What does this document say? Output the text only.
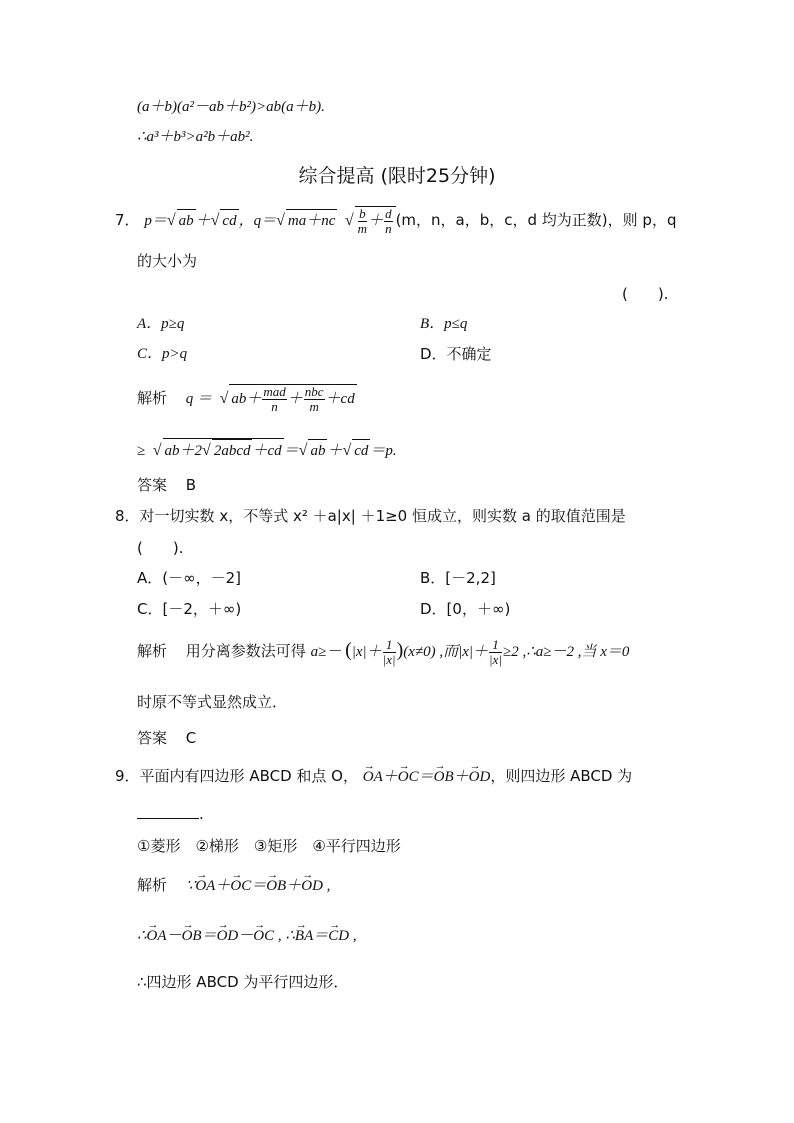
(a＋b)(a²－ab＋b²)>ab(a＋b).
∴a³＋b³>a²b＋ab².
综合提高 (限时25分钟)
7． p＝√ ab ＋√ cd ，q＝√ ma＋nc √ $\frac{b}{m} + \frac{d}{n} (m$，n，a，b，c，d 均为正数)，则 p，q
的大小为
(　　).
A．p≥q	B．p≤q
C．p>q	D．不确定
解析 q ＝  √ $ab+ \frac{\text{mad}}{n} + \frac{\text{nbc}}{m} +cd$
≥  √ ab＋2√ 2abcd ＋cd ＝√ ab ＋√ cd ＝p.
答案 B
8．对一切实数 x，不等式 x² ＋a|x| ＋1≥0 恒成立，则实数 a 的取值范围是
(　　).
A．(－∞，－2]	B．[－2,2]
C．[－2，＋∞)	D．[0，＋∞)
解析 用分离参数法可得 $a\ge- (|x|+ \frac{1}{|x|} )(x\ne 0)$ ,而$|x|+ \frac{1}{|x|} \ge 2$ ,∴a≥－2 ,当 x＝0
时原不等式显然成立．
答案 C
9．平面内有四边形 ABCD 和点 O， → OA＋→ OC＝→ OB＋→ OD，则四边形 ABCD 为
.
①菱形　②梯形　③矩形　④平行四边形
解析 ∵→ OA＋→ OC＝→ OB＋→ OD ,
∴→ OA－→ OB＝→ OD－→ OC , ∴→ BA＝→ CD ,
∴四边形 ABCD 为平行四边形．
